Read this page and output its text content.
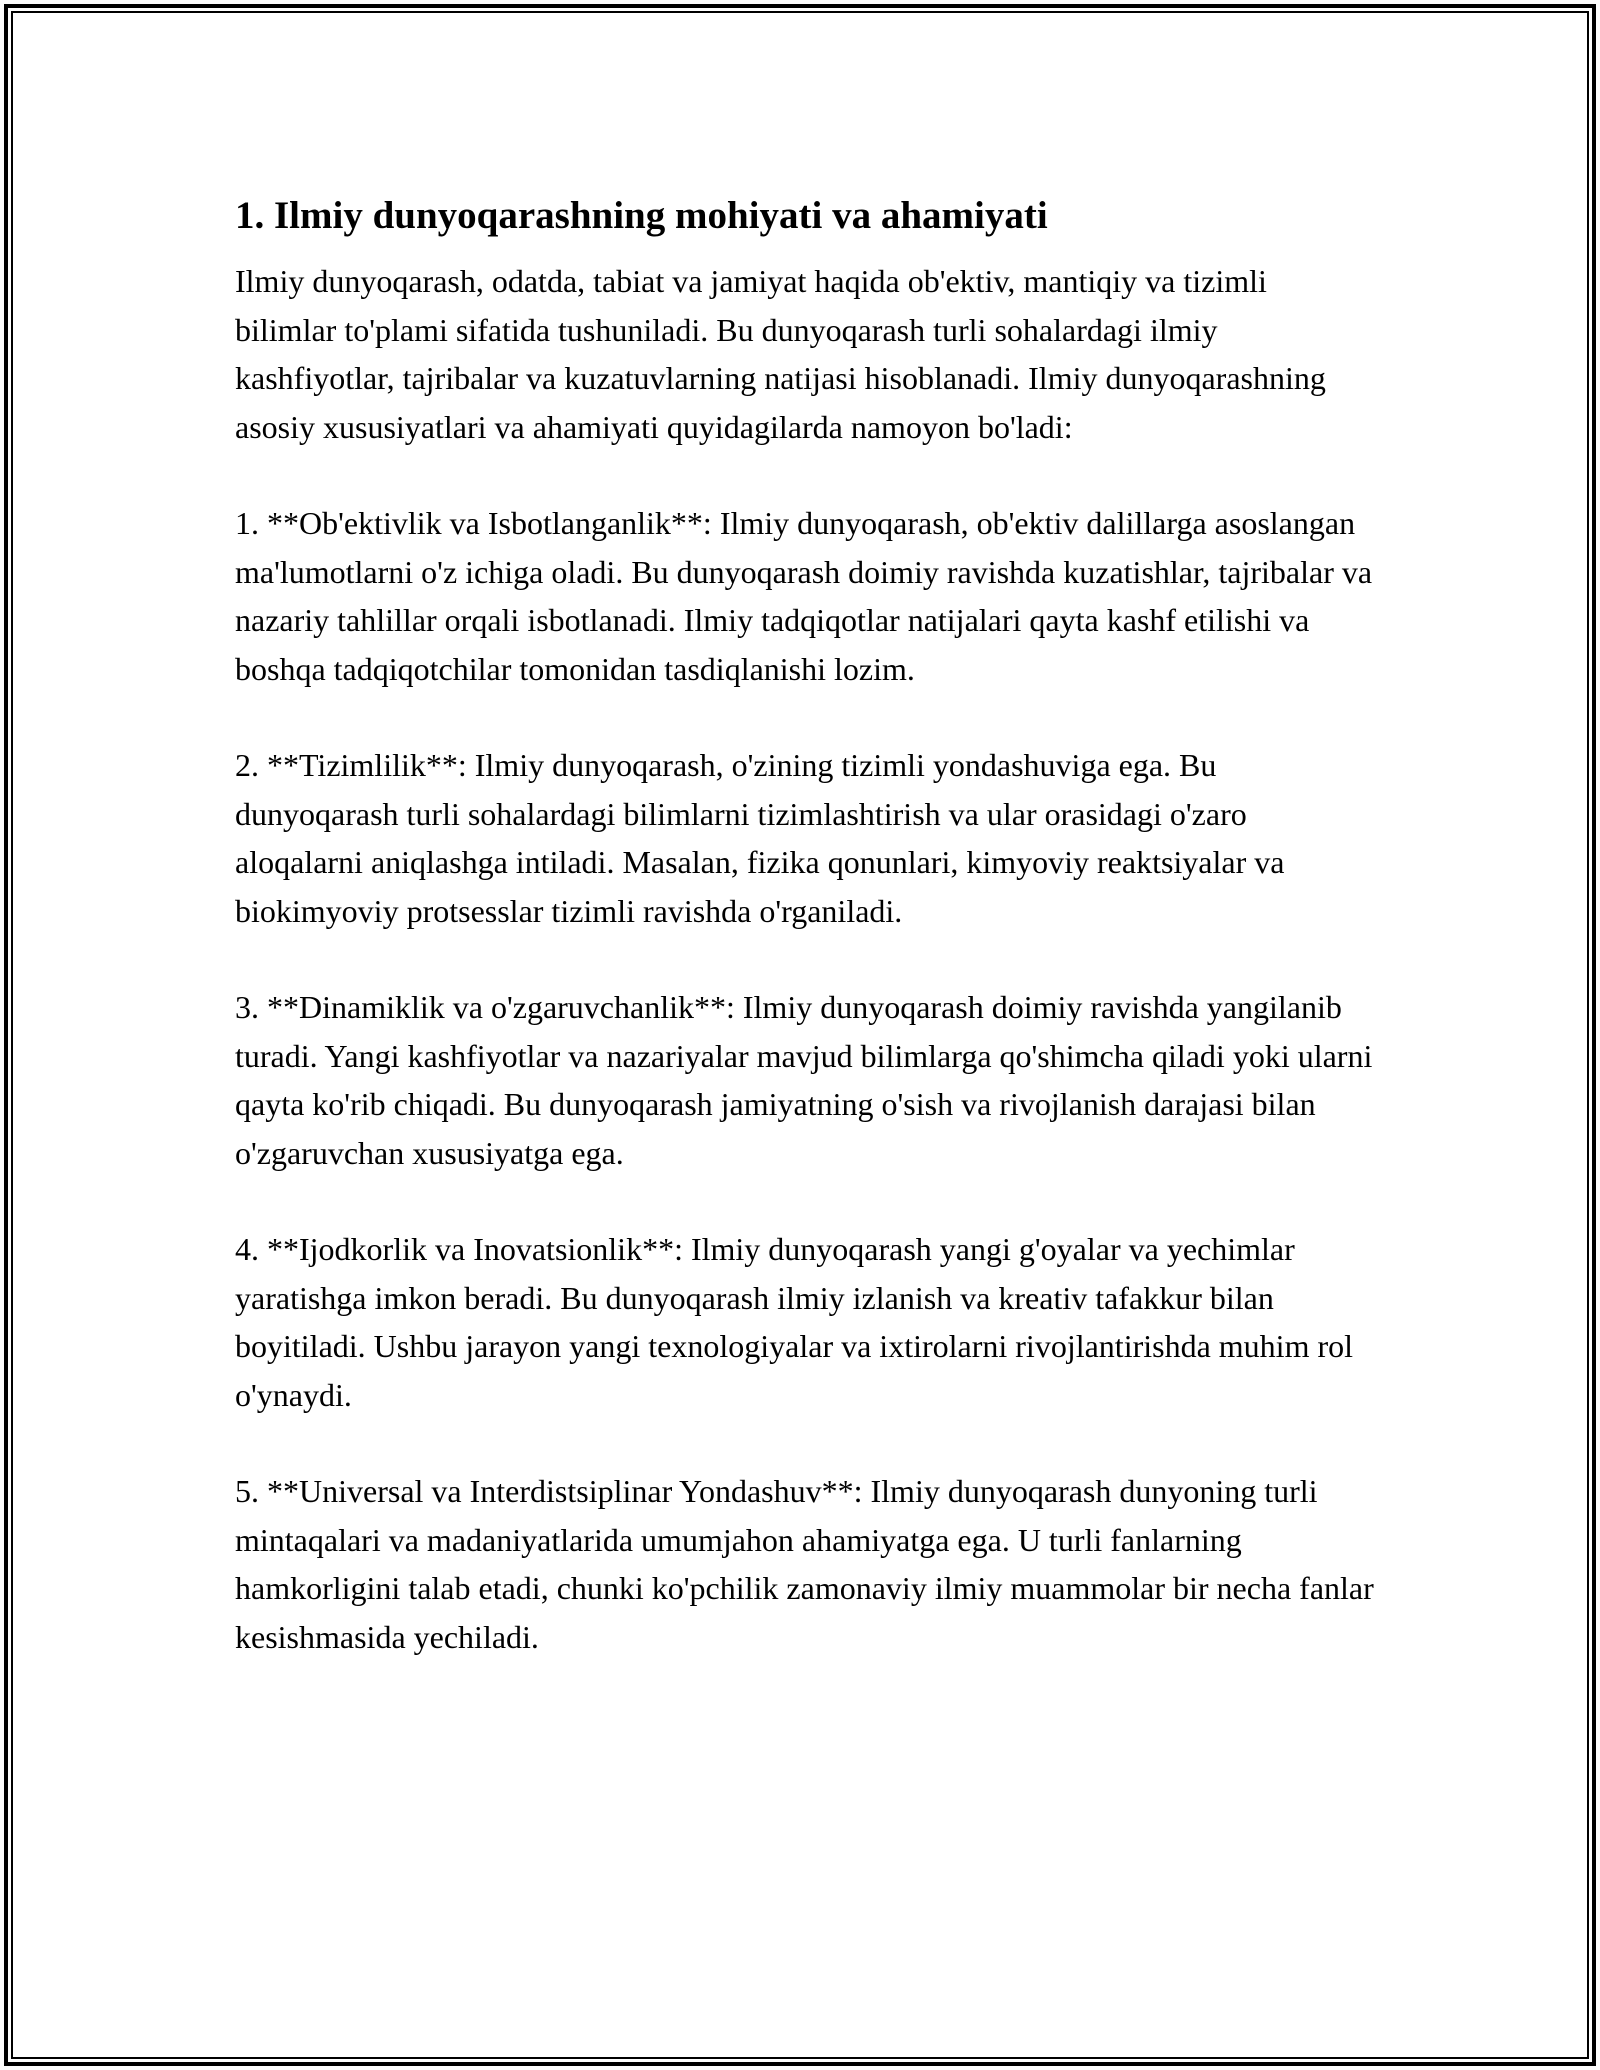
1. Ilmiy dunyoqarashning mohiyati va ahamiyati

Ilmiy dunyoqarash, odatda, tabiat va jamiyat haqida ob'ektiv, mantiqiy va tizimli bilimlar to'plami sifatida tushuniladi. Bu dunyoqarash turli sohalardagi ilmiy kashfiyotlar, tajribalar va kuzatuvlarning natijasi hisoblanadi. Ilmiy dunyoqarashning asosiy xususiyatlari va ahamiyati quyidagilarda namoyon bo'ladi:

1. **Ob'ektivlik va Isbotlanganlik**: Ilmiy dunyoqarash, ob'ektiv dalillarga asoslangan ma'lumotlarni o'z ichiga oladi. Bu dunyoqarash doimiy ravishda kuzatishlar, tajribalar va nazariy tahlillar orqali isbotlanadi. Ilmiy tadqiqotlar natijalari qayta kashf etilishi va boshqa tadqiqotchilar tomonidan tasdiqlanishi lozim.

2. **Tizimlilik**: Ilmiy dunyoqarash, o'zining tizimli yondashuviga ega. Bu dunyoqarash turli sohalardagi bilimlarni tizimlashtirish va ular orasidagi o'zaro aloqalarni aniqlashga intiladi. Masalan, fizika qonunlari, kimyoviy reaktsiyalar va biokimyoviy protsesslar tizimli ravishda o'rganiladi.

3. **Dinamiklik va o'zgaruvchanlik**: Ilmiy dunyoqarash doimiy ravishda yangilanib turadi. Yangi kashfiyotlar va nazariyalar mavjud bilimlarga qo'shimcha qiladi yoki ularni qayta ko'rib chiqadi. Bu dunyoqarash jamiyatning o'sish va rivojlanish darajasi bilan o'zgaruvchan xususiyatga ega.

4. **Ijodkorlik va Inovatsionlik**: Ilmiy dunyoqarash yangi g'oyalar va yechimlar yaratishga imkon beradi. Bu dunyoqarash ilmiy izlanish va kreativ tafakkur bilan boyitiladi. Ushbu jarayon yangi texnologiyalar va ixtirolarni rivojlantirishda muhim rol o'ynaydi.

5. **Universal va Interdistsiplinar Yondashuv**: Ilmiy dunyoqarash dunyoning turli mintaqalari va madaniyatlarida umumjahon ahamiyatga ega. U turli fanlarning hamkorligini talab etadi, chunki ko'pchilik zamonaviy ilmiy muammolar bir necha fanlar kesishmasida yechiladi.
